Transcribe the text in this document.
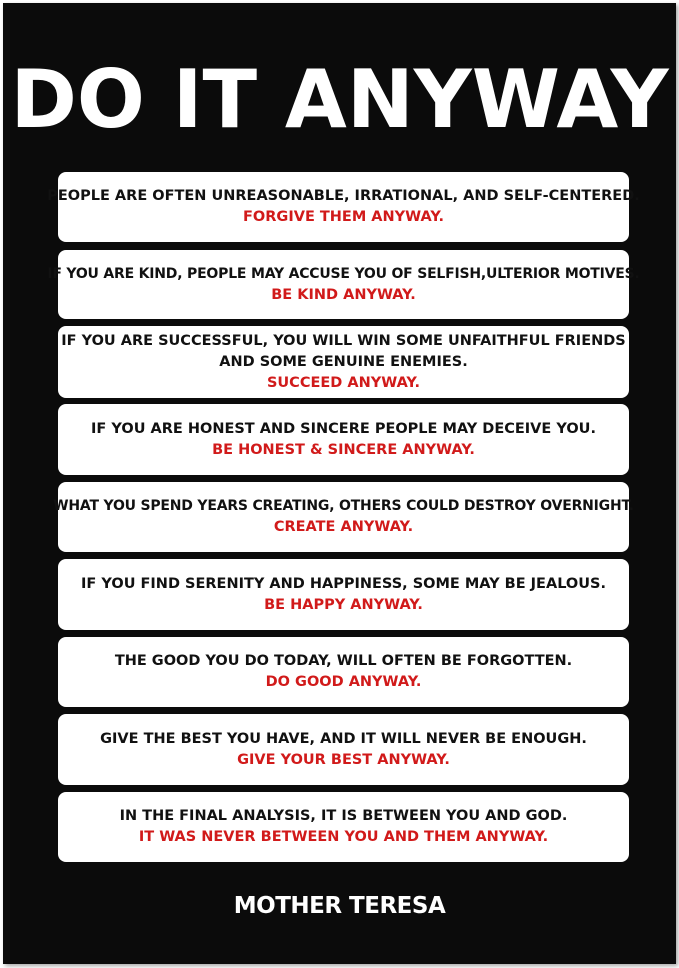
DO IT ANYWAY
PEOPLE ARE OFTEN UNREASONABLE, IRRATIONAL, AND SELF-CENTERED.
FORGIVE THEM ANYWAY.
IF YOU ARE KIND, PEOPLE MAY ACCUSE YOU OF SELFISH,ULTERIOR MOTIVES.
BE KIND ANYWAY.
IF YOU ARE SUCCESSFUL, YOU WILL WIN SOME UNFAITHFUL FRIENDS
AND SOME GENUINE ENEMIES.
SUCCEED ANYWAY.
IF YOU ARE HONEST AND SINCERE PEOPLE MAY DECEIVE YOU.
BE HONEST & SINCERE ANYWAY.
WHAT YOU SPEND YEARS CREATING, OTHERS COULD DESTROY OVERNIGHT.
CREATE ANYWAY.
IF YOU FIND SERENITY AND HAPPINESS, SOME MAY BE JEALOUS.
BE HAPPY ANYWAY.
THE GOOD YOU DO TODAY, WILL OFTEN BE FORGOTTEN.
DO GOOD ANYWAY.
GIVE THE BEST YOU HAVE, AND IT WILL NEVER BE ENOUGH.
GIVE YOUR BEST ANYWAY.
IN THE FINAL ANALYSIS, IT IS BETWEEN YOU AND GOD.
IT WAS NEVER BETWEEN YOU AND THEM ANYWAY.
MOTHER TERESA
